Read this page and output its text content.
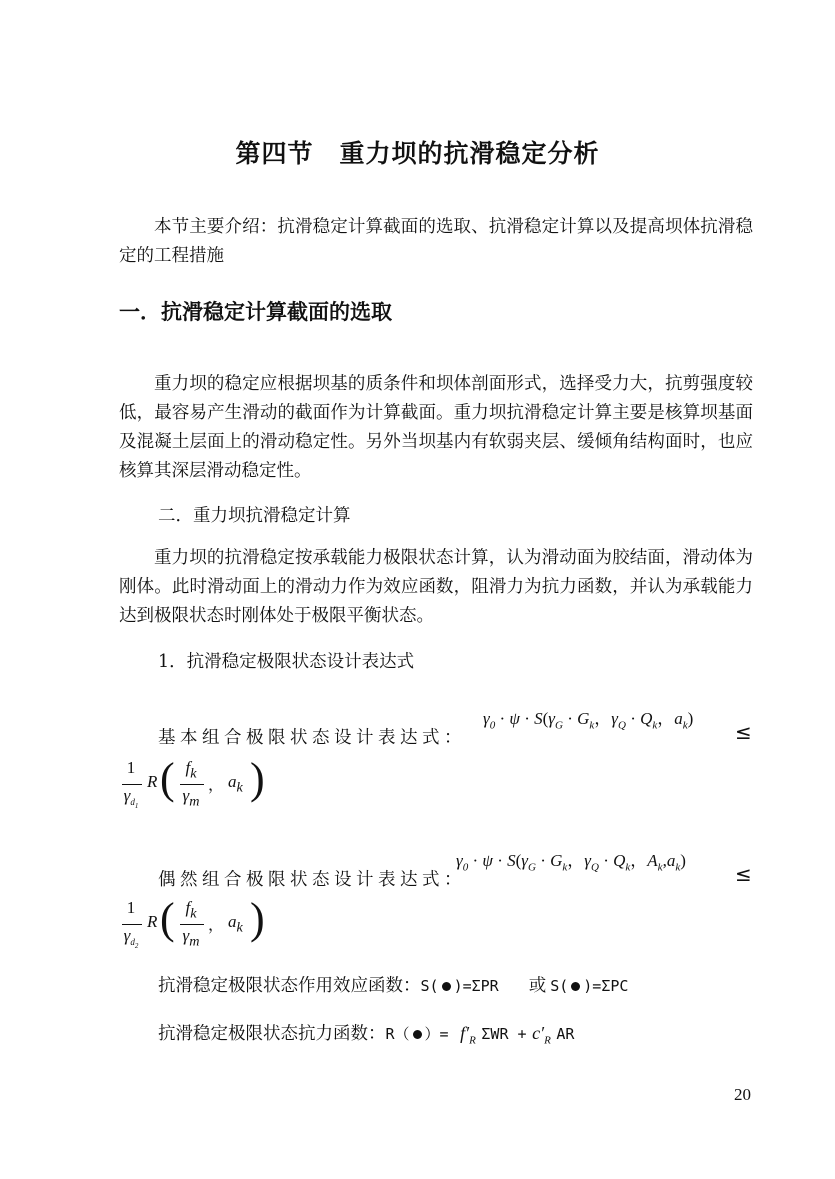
第四节 重力坝的抗滑稳定分析
本节主要介绍：抗滑稳定计算截面的选取、抗滑稳定计算以及提高坝体抗滑稳定的工程措施
一．抗滑稳定计算截面的选取
重力坝的稳定应根据坝基的质条件和坝体剖面形式，选择受力大，抗剪强度较低，最容易产生滑动的截面作为计算截面。重力坝抗滑稳定计算主要是核算坝基面及混凝土层面上的滑动稳定性。另外当坝基内有软弱夹层、缓倾角结构面时，也应核算其深层滑动稳定性。
二．重力坝抗滑稳定计算
重力坝的抗滑稳定按承载能力极限状态计算，认为滑动面为胶结面，滑动体为刚体。此时滑动面上的滑动力作为效应函数，阻滑力为抗力函数，并认为承载能力达到极限状态时刚体处于极限平衡状态。
1．抗滑稳定极限状态设计表达式
$\gamma_0 \cdot \psi \cdot S(\gamma_G \cdot G_k$，$\gamma_Q \cdot Q_k$，$a_k$)
基本组合极限状态设计表达式：	≤
1
$\gamma_{d_1}$
R ( $f_k$
$\gamma_m$
， $a_k$ )
$\gamma_0 \cdot \psi \cdot S(\gamma_G \cdot G_k$，$\gamma_Q \cdot Q_k$，$A_k,a_k$)
偶然组合极限状态设计表达式：	≤
1
$\gamma_{d_2}$
R ( $f_k$
$\gamma_m$
， $a_k$ )
抗滑稳定极限状态作用效应函数：S( )=ΣPR 或 S( )=ΣPC
抗滑稳定极限状态抗力函数：R（ ）= $f'_R$ $\Sigma WR + c'_R$ AR
20
